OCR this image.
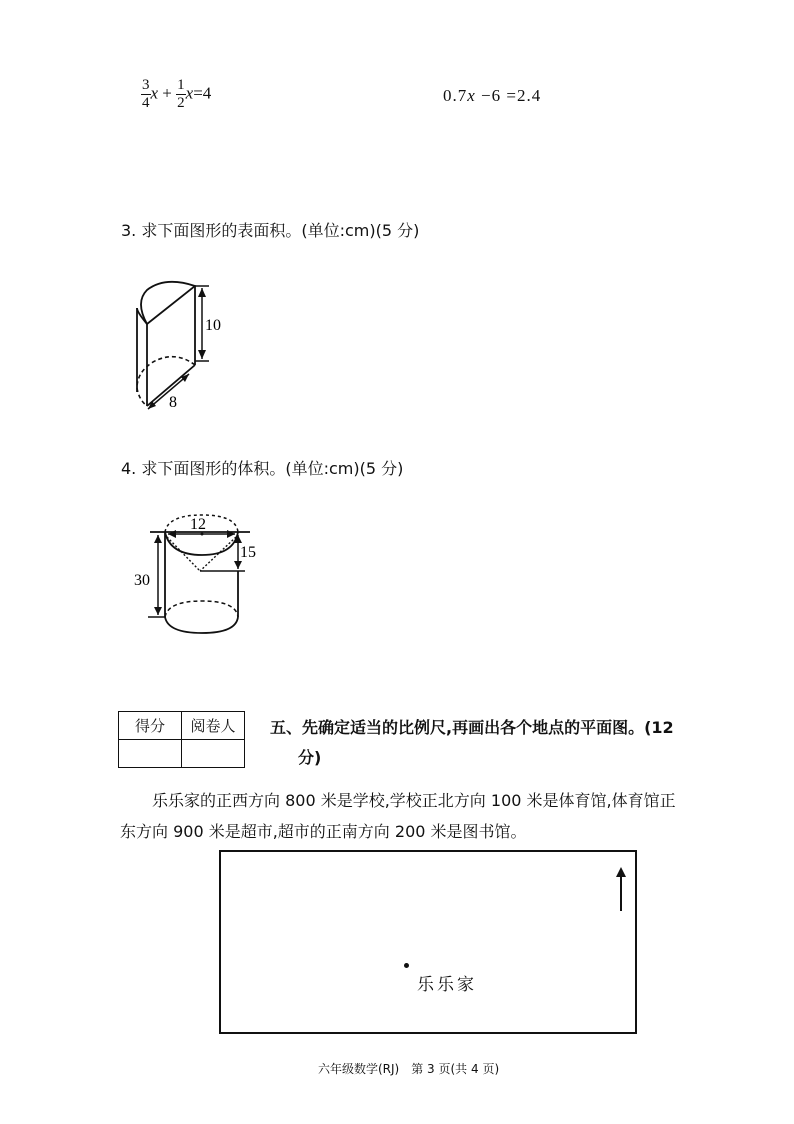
$\frac{3}{4}$ $x + \frac{1}{2} x=4$	0.7x −6 =2.4
3. 求下面图形的表面积。(单位:cm)(5 分)
10
8
4. 求下面图形的体积。(单位:cm)(5 分)
12
15
30
得分	阅卷人
	五、先确定适当的比例尺,再画出各个地点的平面图。(12
分)
乐乐家的正西方向 800 米是学校,学校正北方向 100 米是体育馆,体育馆正
东方向 900 米是超市,超市的正南方向 200 米是图书馆。
乐乐家
六年级数学(RJ)　第 3 页(共 4 页)
